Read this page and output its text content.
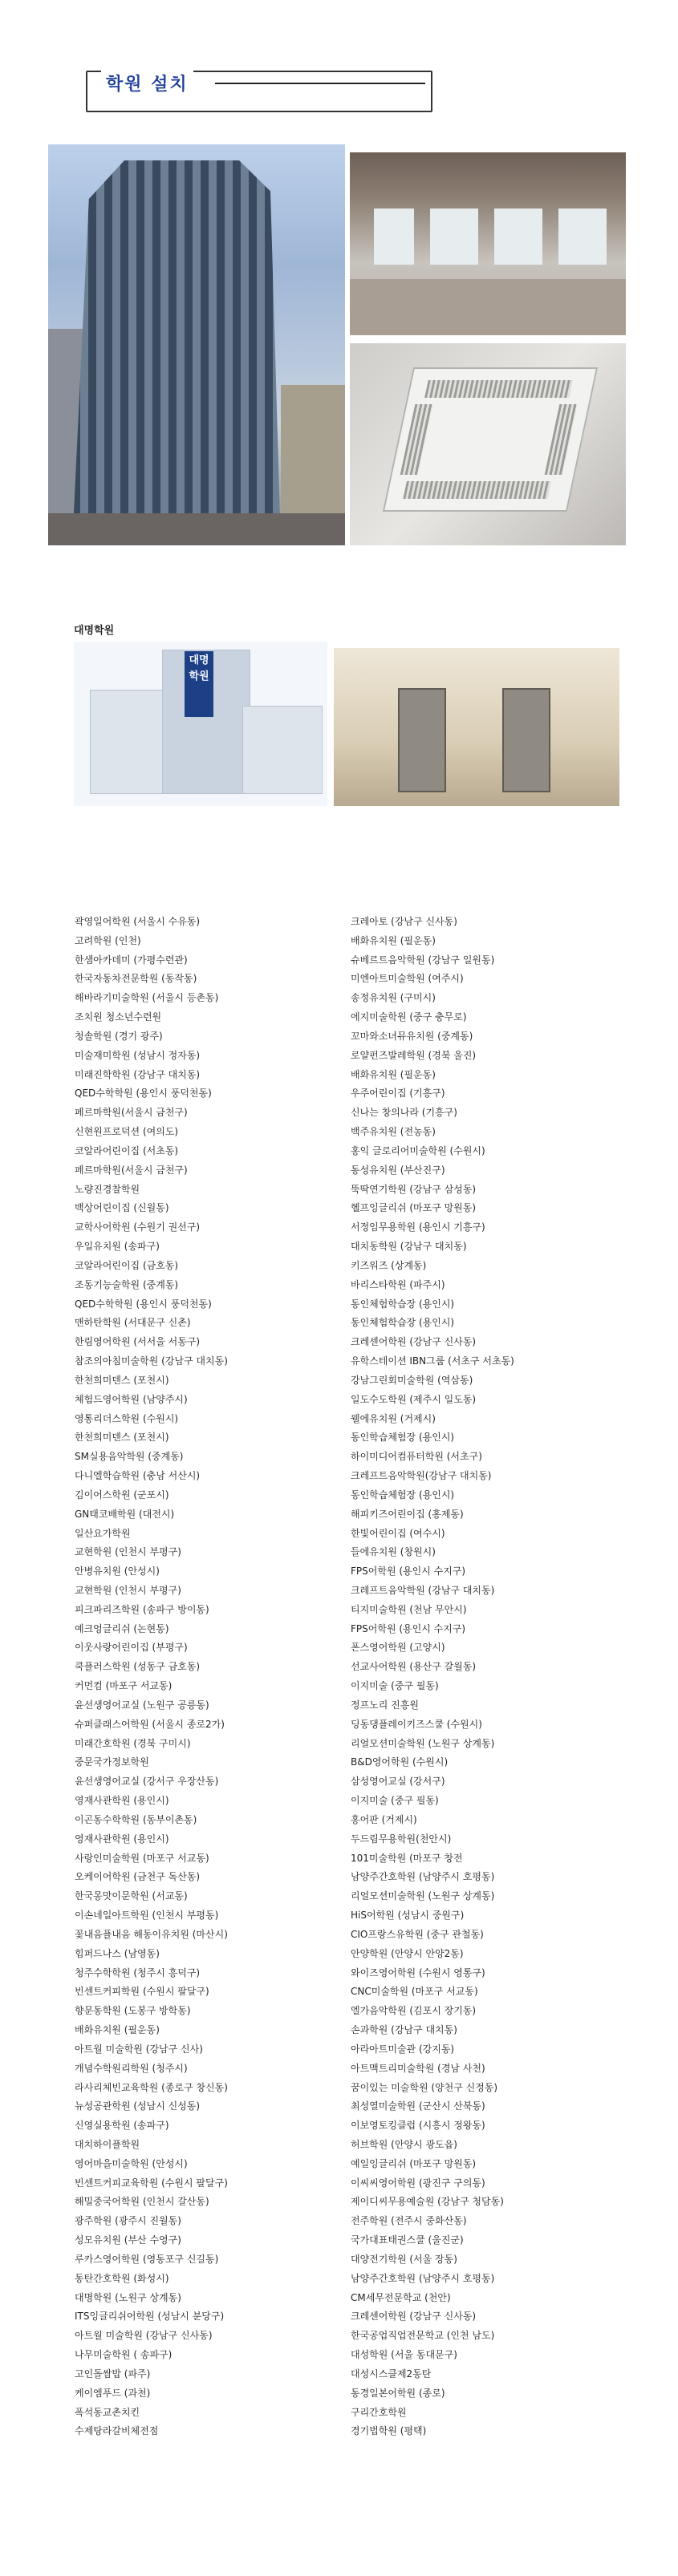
학원 설치
대명학원
대명학원
곽영일어학원 (서울시 수유동)
고려학원 (인천)
한샘아카데미 (가평수련관)
한국자동차전문학원 (동작동)
해바라기미술학원 (서울시 등촌동)
조치원 청소년수련원
청솔학원 (경기 광주)
미술재미학원 (성남시 정자동)
미래진학학원 (강남구 대치동)
QED수학학원 (용인시 풍덕천동)
페르마학원(서울시 금천구)
신현원프로덕션 (여의도)
코알라어린이집 (서초동)
페르마학원(서울시 금천구)
노량진경찰학원
백상어린이집 (신월동)
교학사어학원 (수원기 권선구)
우일유치원 (송파구)
코알라어린이집 (금호동)
조동기능술학원 (중계동)
QED수학학원 (용인시 풍덕천동)
맨하탄학원 (서대문구 신촌)
한림영어학원 (서서울 서동구)
참조의아침미술학원 (강남구 대치동)
한천희미덴스 (포천시)
체험드영어학원 (남양주시)
영통리더스학원 (수원시)
한천희미덴스 (포천시)
SM실용음악학원 (중계동)
다니엘학습학원 (충남 서산시)
김이어스학원 (군포시)
GN태코배학원 (대전시)
일산요가학원
교현학원 (인천시 부평구)
안병유치원 (안성시)
교현학원 (인천시 부평구)
피크파리즈학원 (송파구 방이동)
예크엉글리쉬 (논현동)
이웃사랑어린이집 (부평구)
쿡플러스학원 (성동구 금호동)
커먼컴 (마포구 서교동)
윤선생영어교실 (노원구 공릉동)
슈퍼클래스어학원 (서울시 종로2가)
미래간호학원 (경북 구미시)
중문국가정보학원
윤선생영어교실 (강서구 우장산동)
영재사관학원 (용인시)
이곤동수학학원 (동부이촌동)
영재사관학원 (용인시)
사랑인미술학원 (마포구 서교동)
오케이어학원 (금천구 독산동)
한국몽맛이문학원 (서교동)
이손네일아트학원 (인천시 부평동)
꽃내음플내음 해동이유치원 (마산시)
힙퍼드나스 (남영동)
청주수학학원 (청주시 흥덕구)
빈센트커피학원 (수원시 팔달구)
향문동학원 (도봉구 방학동)
배화유치원 (필운동)
아트월 미술학원 (강남구 신사)
개념수학원리학원 (청주시)
라사리체빈교육학원 (종로구 창신동)
뉴성공관학원 (성남시 신성동)
신영실용학원 (송파구)
대치하이플학원
영어마을미술학원 (안성시)
빈센트커피교육학원 (수원시 팔달구)
해밀중국어학원 (인천시 갈산동)
광주학원 (광주시 진월동)
성모유치원 (부산 수영구)
루카스영어학원 (영동포구 신길동)
동탄간호학원 (화성시)
대명학원 (노원구 상계동)
ITS잉글리쉬어학원 (성남시 분당구)
아트월 미술학원 (강남구 신사동)
나무미술학원 ( 송파구)
고인돌쌈밥 (파주)
케이엠푸드 (과천)
폭석동교촌치킨
수제탕라갈비체전점
크레아토 (강남구 신사동)
배화유치원 (필운동)
슈베르트음악학원 (강남구 일원동)
미엔아트미술학원 (여주시)
송정유치원 (구미시)
에지미술학원 (중구 충무로)
꼬마와소녀뮤유치원 (중계동)
로얄펀즈발레학원 (경북 울진)
배화유치원 (필운동)
우주어린이집 (기흥구)
신나는 창의나라 (기흥구)
백주유치원 (전농동)
홍익 글로리어미술학원 (수원시)
동성유치원 (부산진구)
뚝딱연기학원 (강남구 삼성동)
헬프잉글리쉬 (마포구 망원동)
서정임무용학원 (용인시 기흥구)
대치동학원 (강남구 대치동)
키즈워즈 (상계동)
바리스타학원 (파주시)
동인체험학습장 (용인시)
동인체험학습장 (용인시)
크레센어학원 (강남구 신사동)
유학스테이션 IBN그룹 (서초구 서초동)
강남그린회미술학원 (역삼동)
일도수도학원 (제주시 일도동)
웰에유치원 (거제시)
동인학습체험장 (용인시)
하이미디어컴퓨터학원 (서초구)
크레프트음악학원(강남구 대치동)
동인학습체험장 (용인시)
해피키즈어린이집 (홍제동)
한빛어린이집 (여수시)
들에유치원 (창원시)
FPS어학원 (용인시 수지구)
크레프트음악학원 (강남구 대치동)
티지미술학원 (천남 무안시)
FPS어학원 (용인시 수지구)
폰스영어학원 (고양시)
선교사어학원 (용산구 갈월동)
이지미술 (중구 필동)
정프노리 진흥원
딩동댕플레이키즈스쿨 (수원시)
리얼모션미술학원 (노원구 상계동)
B&D영어학원 (수원시)
삼성영어교실 (강서구)
이지미술 (중구 필동)
홍어판 (거제시)
두드림무용학원(천안시)
101미술학원 (마포구 창전
남양주간호학원 (남양주시 호평동)
리얼모션미술학원 (노원구 상계동)
HiS어학원 (성남시 중원구)
CIO프랑스유학원 (중구 관철동)
안양학원 (안양시 안양2동)
와이즈영어학원 (수원시 영통구)
CNC미술학원 (마포구 서교동)
엘가음악학원 (김포시 장기동)
손과학원 (강남구 대치동)
아라아트미술관 (강지동)
아트맥트리미술학원 (경남 사천)
꿈이있는 미술학원 (양천구 신정동)
최성열미술학원 (군산시 산북동)
이보영토킹클럽 (시흥시 정왕동)
허브학원 (안양시 광도읍)
예일잉글리쉬 (마포구 망원동)
이씨씨영어학원 (광진구 구의동)
제이디씨무용예술원 (강남구 청담동)
전주학원 (전주시 중화산동)
국가대표태권스쿨 (울진군)
대양전기학원 (서울 장동)
남양주간호학원 (남양주시 호평동)
CM세무전문학교 (천안)
크레센어학원 (강남구 신사동)
한국공업직업전문학교 (인천 남도)
대성학원 (서울 동대문구)
대성시스클제2동탄
동경일본어학원 (종로)
구리간호학원
경기법학원 (평택)
